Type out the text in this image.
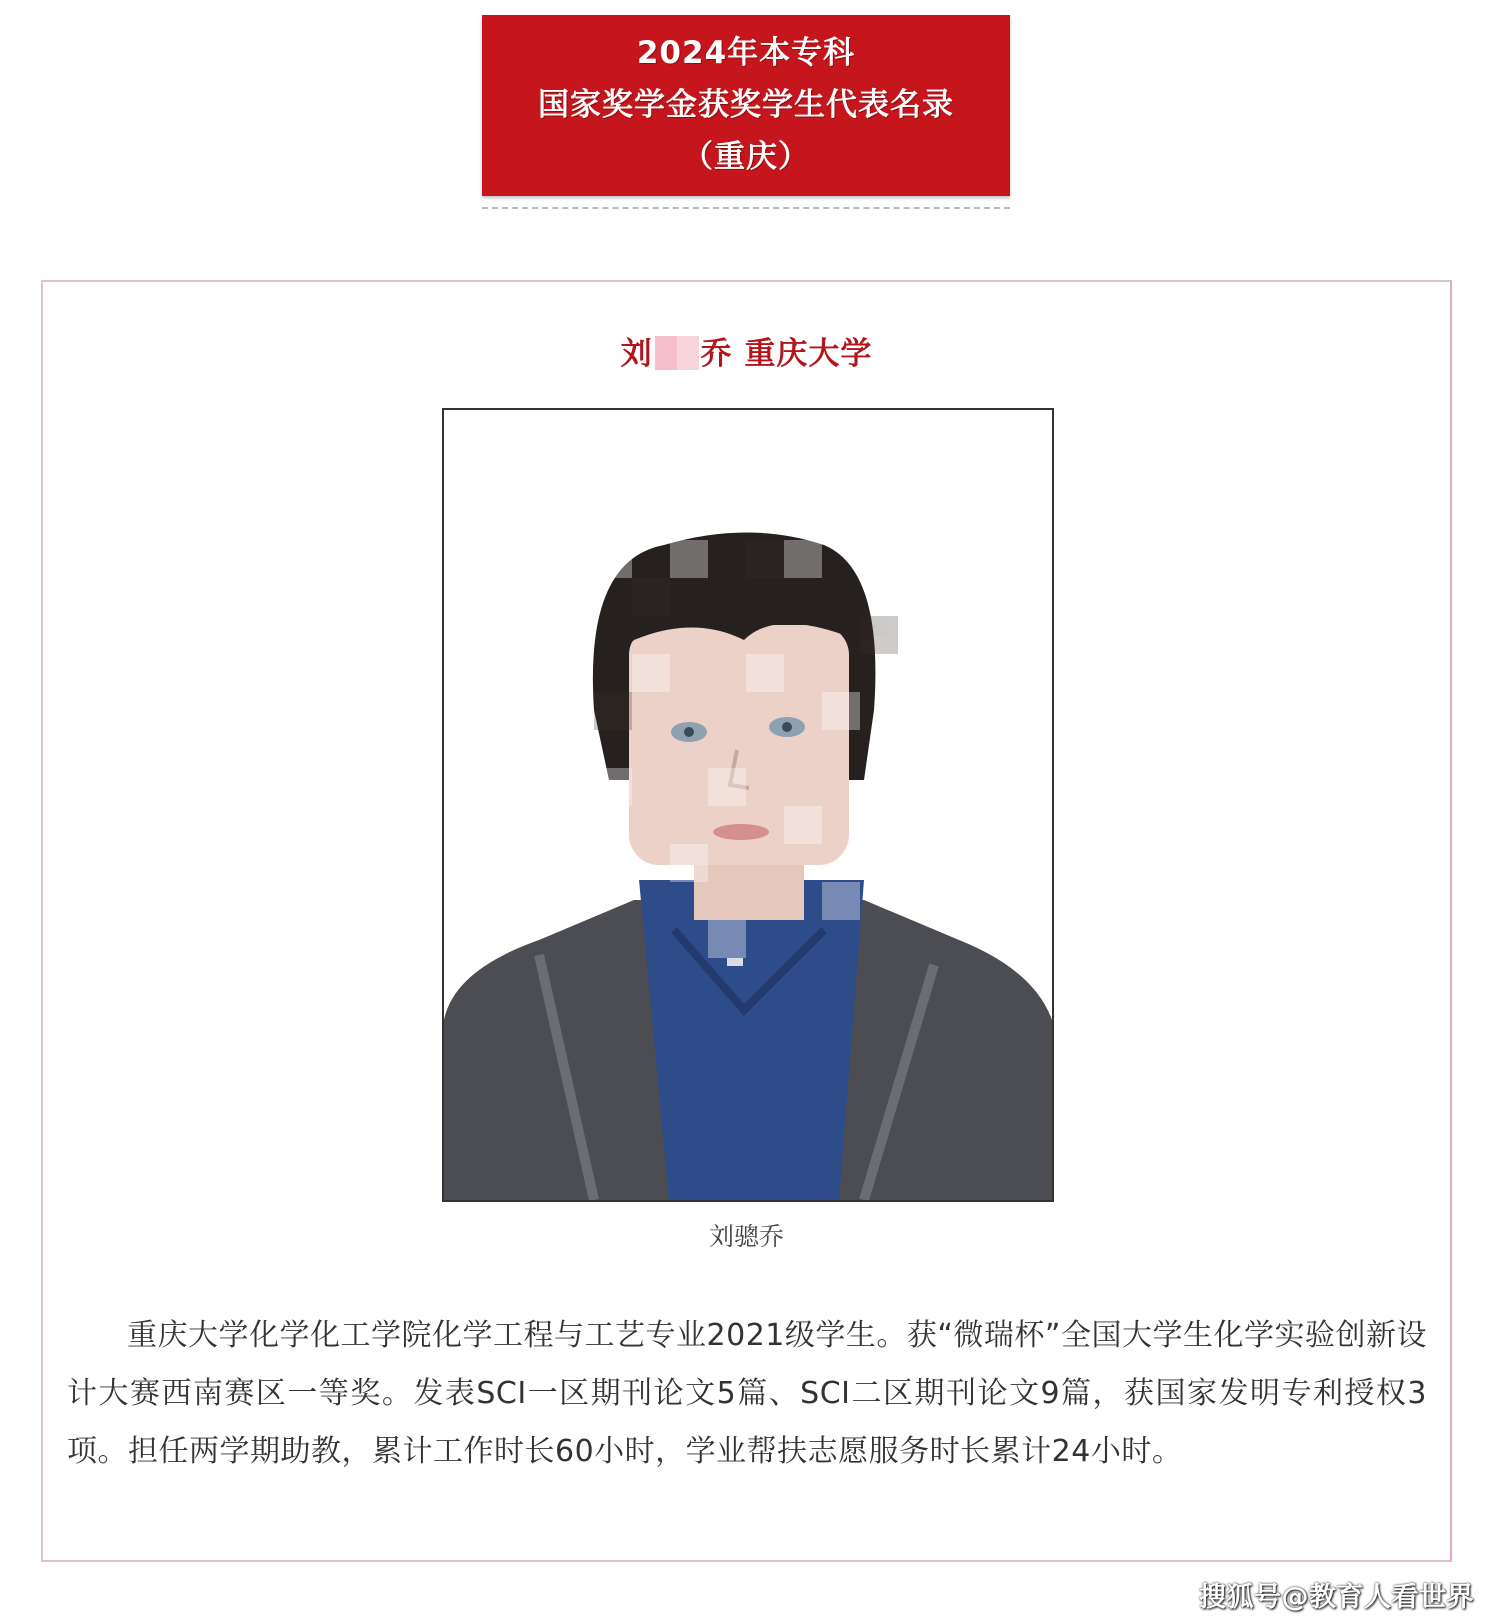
2024年本专科
国家奖学金获奖学生代表名录
（重庆）
刘 乔 重庆大学
刘骢乔
重庆大学化学化工学院化学工程与工艺专业2021级学生。获“微瑞杯”全国大学生化学实验创新设计大赛西南赛区一等奖。发表SCI一区期刊论文5篇、SCI二区期刊论文9篇，获国家发明专利授权3项。担任两学期助教，累计工作时长60小时，学业帮扶志愿服务时长累计24小时。
搜狐号@教育人看世界
